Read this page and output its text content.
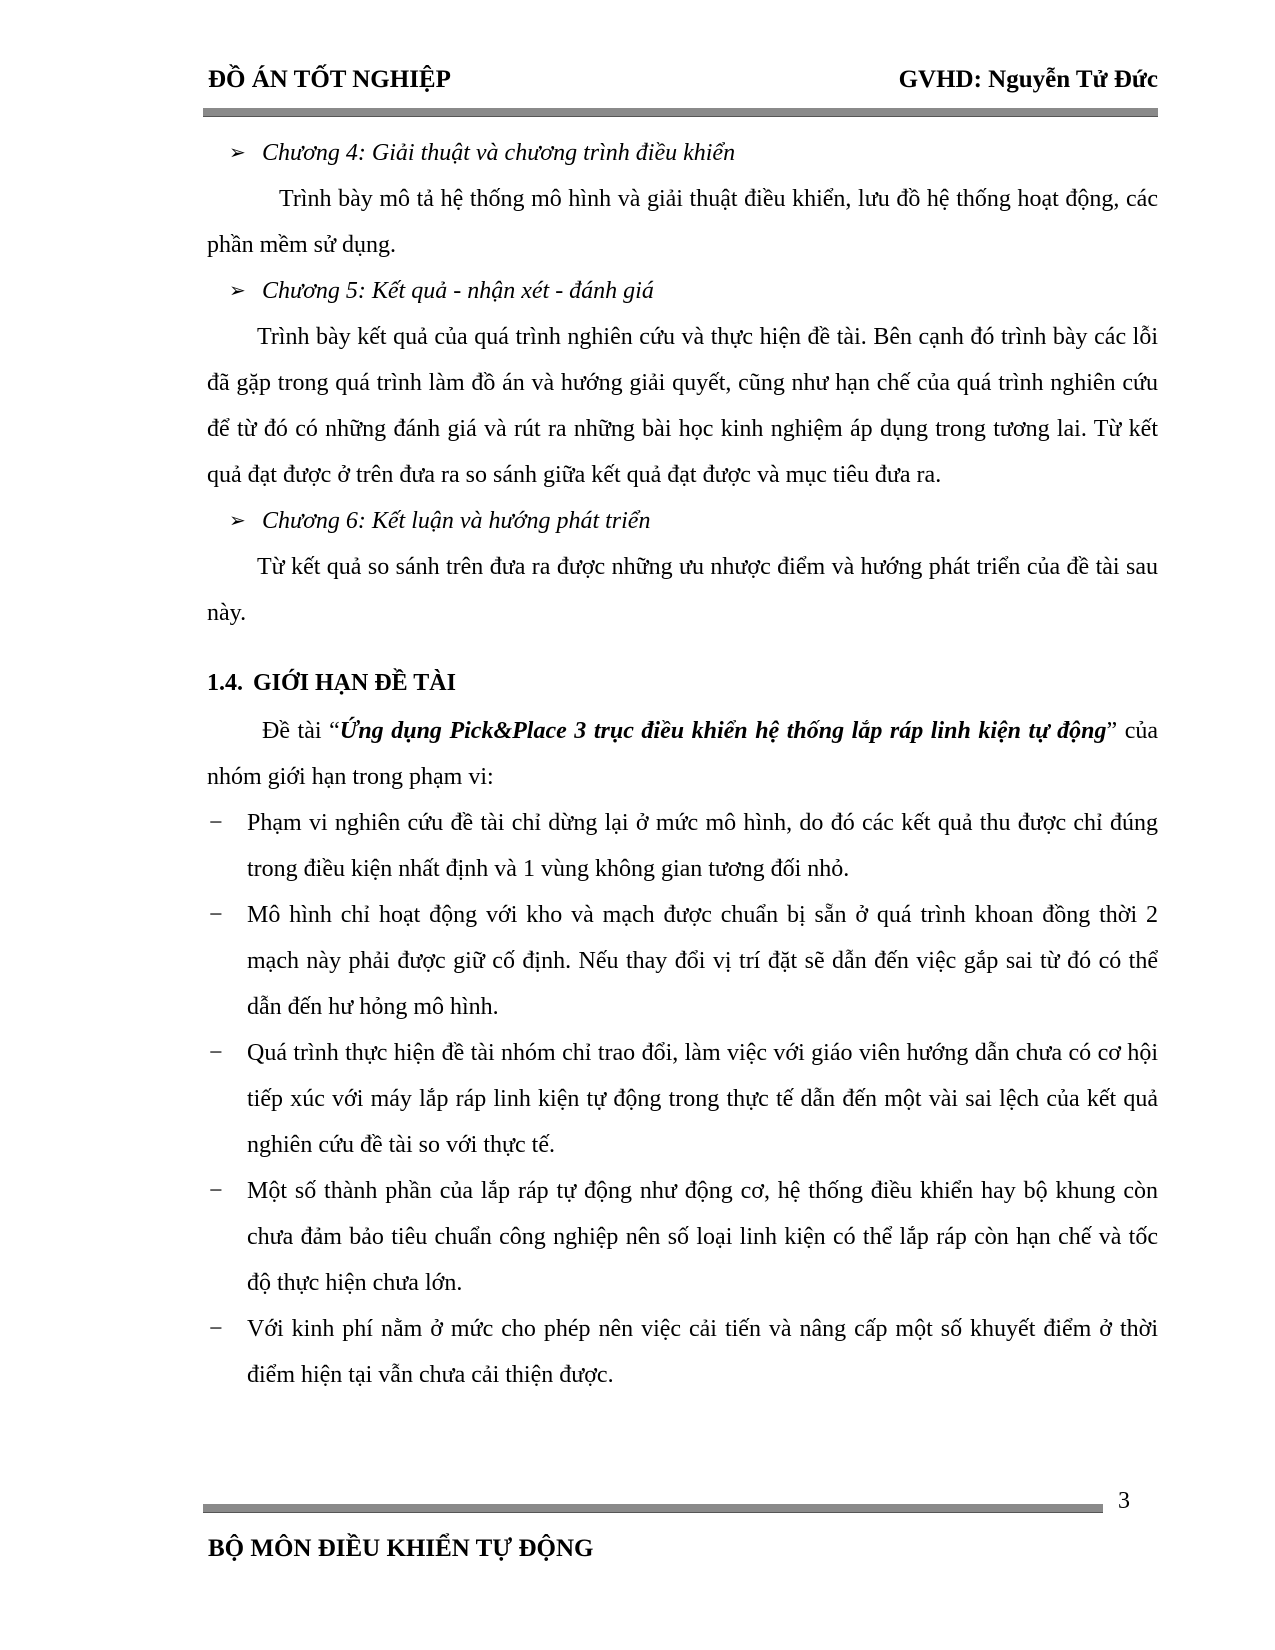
ĐỒ ÁN TỐT NGHIỆP	GVHD: Nguyễn Tử Đức
➢ Chương 4: Giải thuật và chương trình điều khiển

Trình bày mô tả hệ thống mô hình và giải thuật điều khiển, lưu đồ hệ thống hoạt động, các phần mềm sử dụng.

➢ Chương 5: Kết quả - nhận xét - đánh giá

Trình bày kết quả của quá trình nghiên cứu và thực hiện đề tài. Bên cạnh đó trình bày các lỗi đã gặp trong quá trình làm đồ án và hướng giải quyết, cũng như hạn chế của quá trình nghiên cứu để từ đó có những đánh giá và rút ra những bài học kinh nghiệm áp dụng trong tương lai. Từ kết quả đạt được ở trên đưa ra so sánh giữa kết quả đạt được và mục tiêu đưa ra.

➢ Chương 6: Kết luận và hướng phát triển

Từ kết quả so sánh trên đưa ra được những ưu nhược điểm và hướng phát triển của đề tài sau này.

1.4. GIỚI HẠN ĐỀ TÀI

Đề tài “Ứng dụng Pick&Place 3 trục điều khiển hệ thống lắp ráp linh kiện tự động” của nhóm giới hạn trong phạm vi:

− Phạm vi nghiên cứu đề tài chỉ dừng lại ở mức mô hình, do đó các kết quả thu được chỉ đúng trong điều kiện nhất định và 1 vùng không gian tương đối nhỏ.

− Mô hình chỉ hoạt động với kho và mạch được chuẩn bị sẵn ở quá trình khoan đồng thời 2 mạch này phải được giữ cố định. Nếu thay đổi vị trí đặt sẽ dẫn đến việc gắp sai từ đó có thể dẫn đến hư hỏng mô hình.

− Quá trình thực hiện đề tài nhóm chỉ trao đổi, làm việc với giáo viên hướng dẫn chưa có cơ hội tiếp xúc với máy lắp ráp linh kiện tự động trong thực tế dẫn đến một vài sai lệch của kết quả nghiên cứu đề tài so với thực tế.

− Một số thành phần của lắp ráp tự động như động cơ, hệ thống điều khiển hay bộ khung còn chưa đảm bảo tiêu chuẩn công nghiệp nên số loại linh kiện có thể lắp ráp còn hạn chế và tốc độ thực hiện chưa lớn.

− Với kinh phí nằm ở mức cho phép nên việc cải tiến và nâng cấp một số khuyết điểm ở thời điểm hiện tại vẫn chưa cải thiện được.

3
BỘ MÔN ĐIỀU KHIỂN TỰ ĐỘNG
